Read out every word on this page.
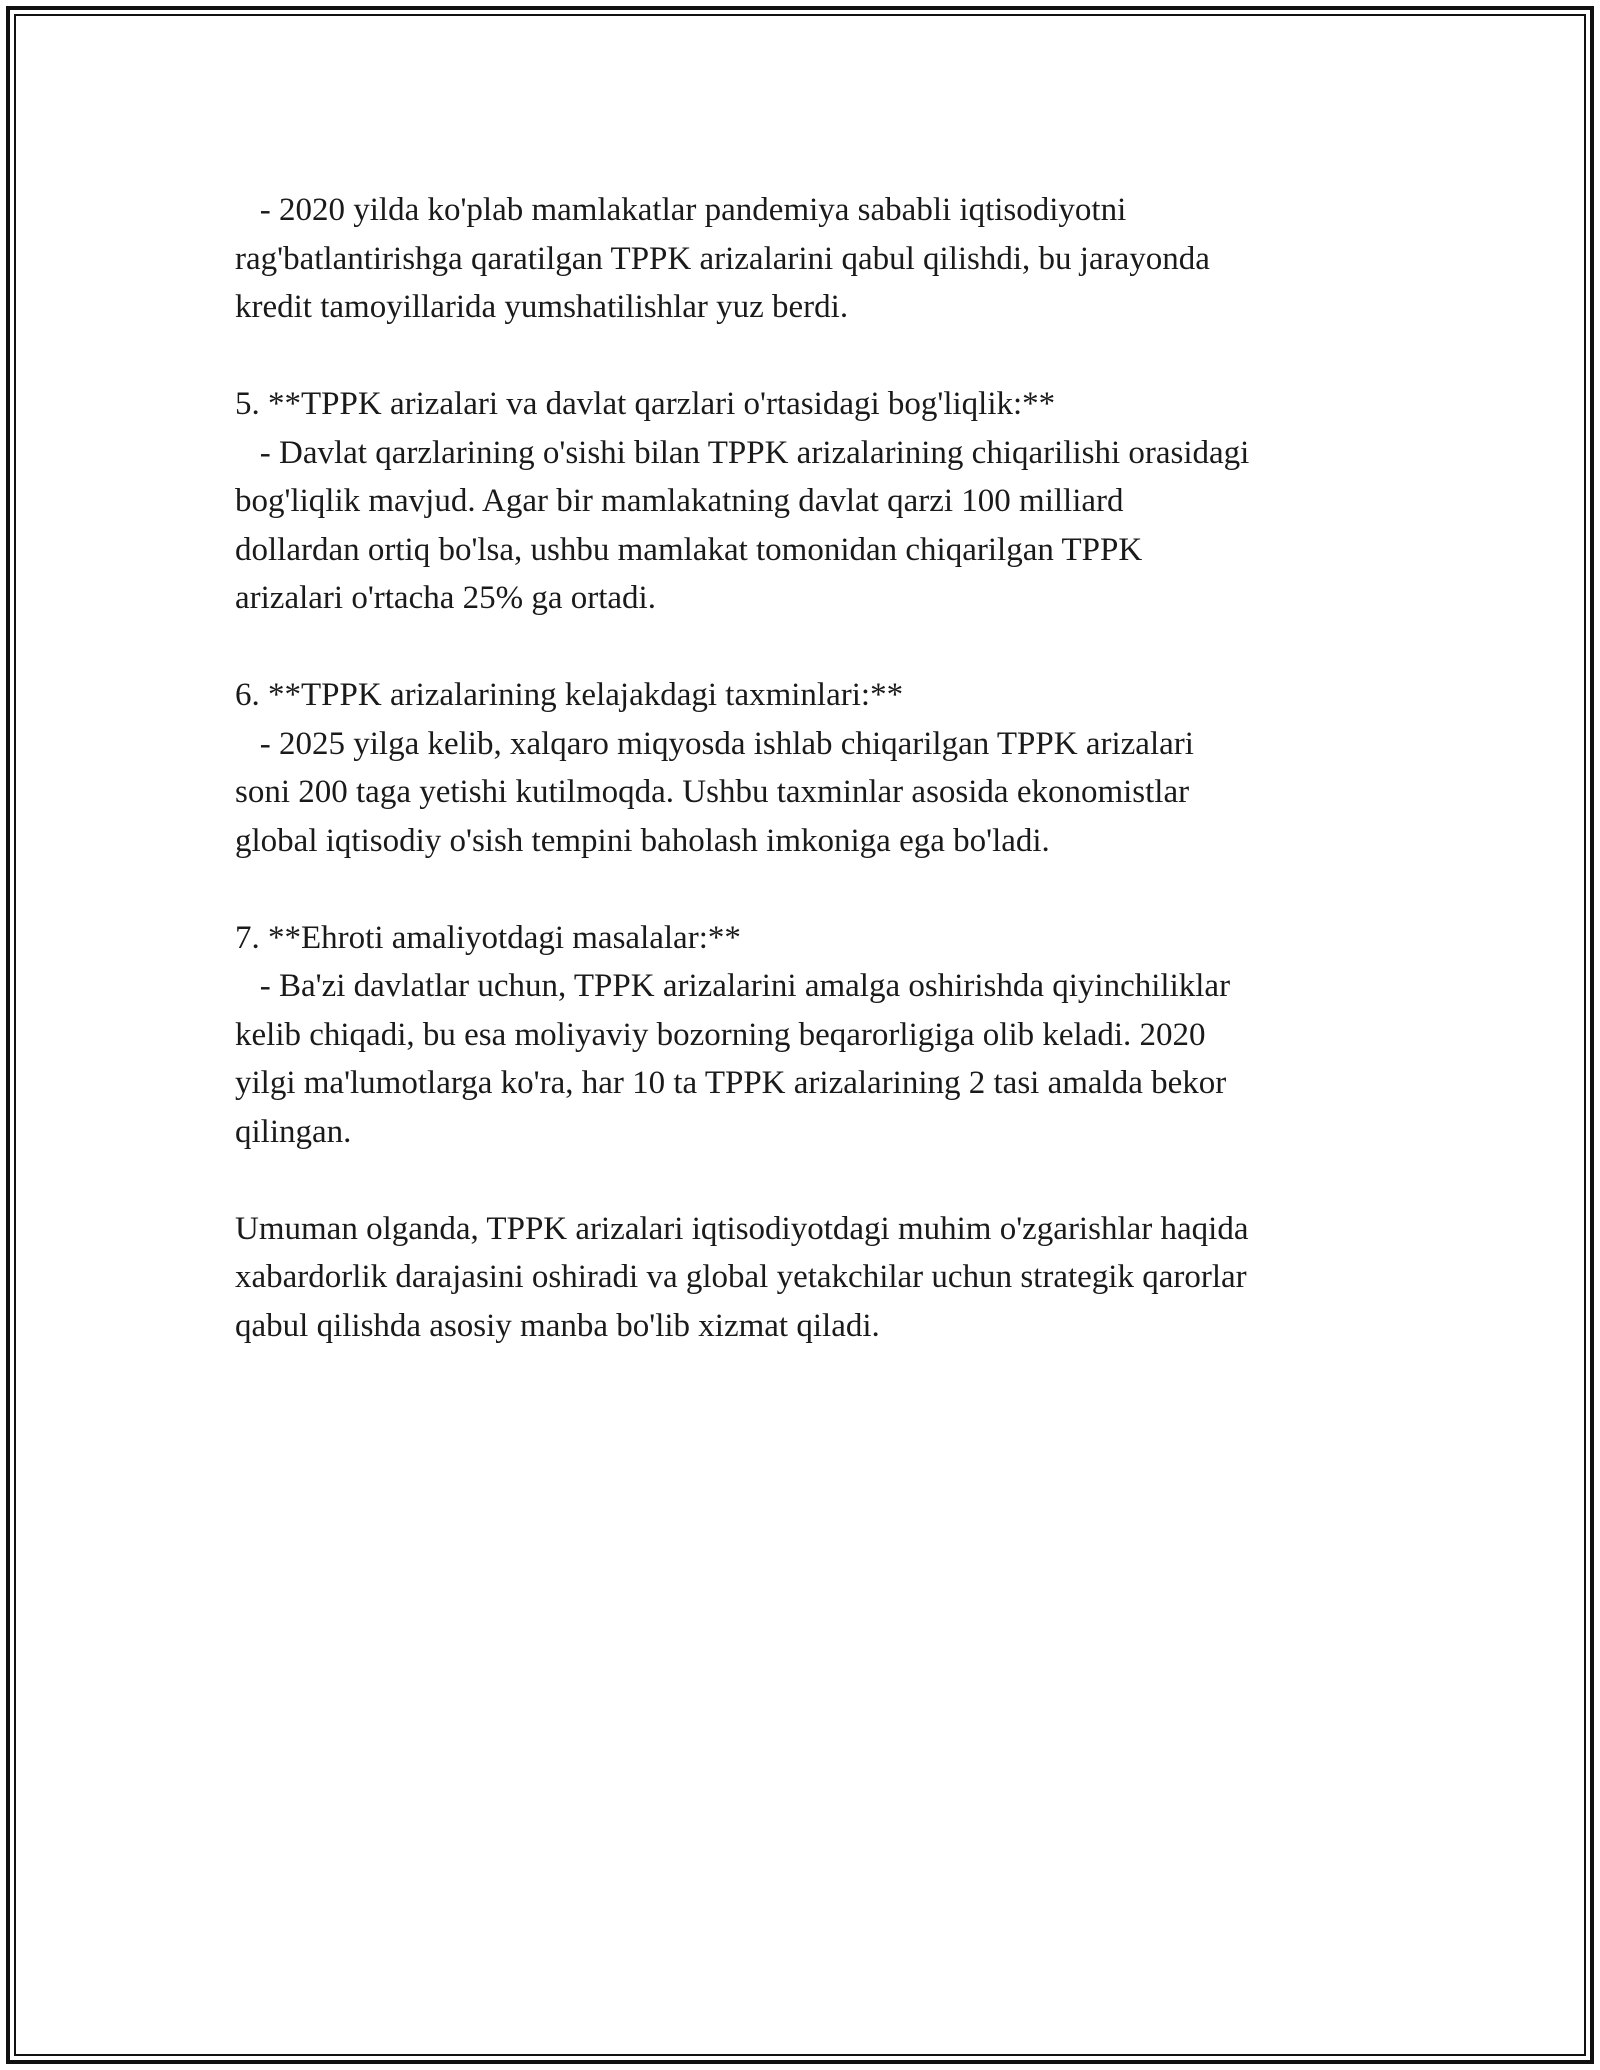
- 2020 yilda ko'plab mamlakatlar pandemiya sababli iqtisodiyotni

rag'batlantirishga qaratilgan TPPK arizalarini qabul qilishdi, bu jarayonda

kredit tamoyillarida yumshatilishlar yuz berdi.

5. **TPPK arizalari va davlat qarzlari o'rtasidagi bog'liqlik:**

- Davlat qarzlarining o'sishi bilan TPPK arizalarining chiqarilishi orasidagi

bog'liqlik mavjud. Agar bir mamlakatning davlat qarzi 100 milliard

dollardan ortiq bo'lsa, ushbu mamlakat tomonidan chiqarilgan TPPK

arizalari o'rtacha 25% ga ortadi.

6. **TPPK arizalarining kelajakdagi taxminlari:**

- 2025 yilga kelib, xalqaro miqyosda ishlab chiqarilgan TPPK arizalari

soni 200 taga yetishi kutilmoqda. Ushbu taxminlar asosida ekonomistlar

global iqtisodiy o'sish tempini baholash imkoniga ega bo'ladi.

7. **Ehroti amaliyotdagi masalalar:**

- Ba'zi davlatlar uchun, TPPK arizalarini amalga oshirishda qiyinchiliklar

kelib chiqadi, bu esa moliyaviy bozorning beqarorligiga olib keladi. 2020

yilgi ma'lumotlarga ko'ra, har 10 ta TPPK arizalarining 2 tasi amalda bekor

qilingan.

Umuman olganda, TPPK arizalari iqtisodiyotdagi muhim o'zgarishlar haqida

xabardorlik darajasini oshiradi va global yetakchilar uchun strategik qarorlar

qabul qilishda asosiy manba bo'lib xizmat qiladi.
